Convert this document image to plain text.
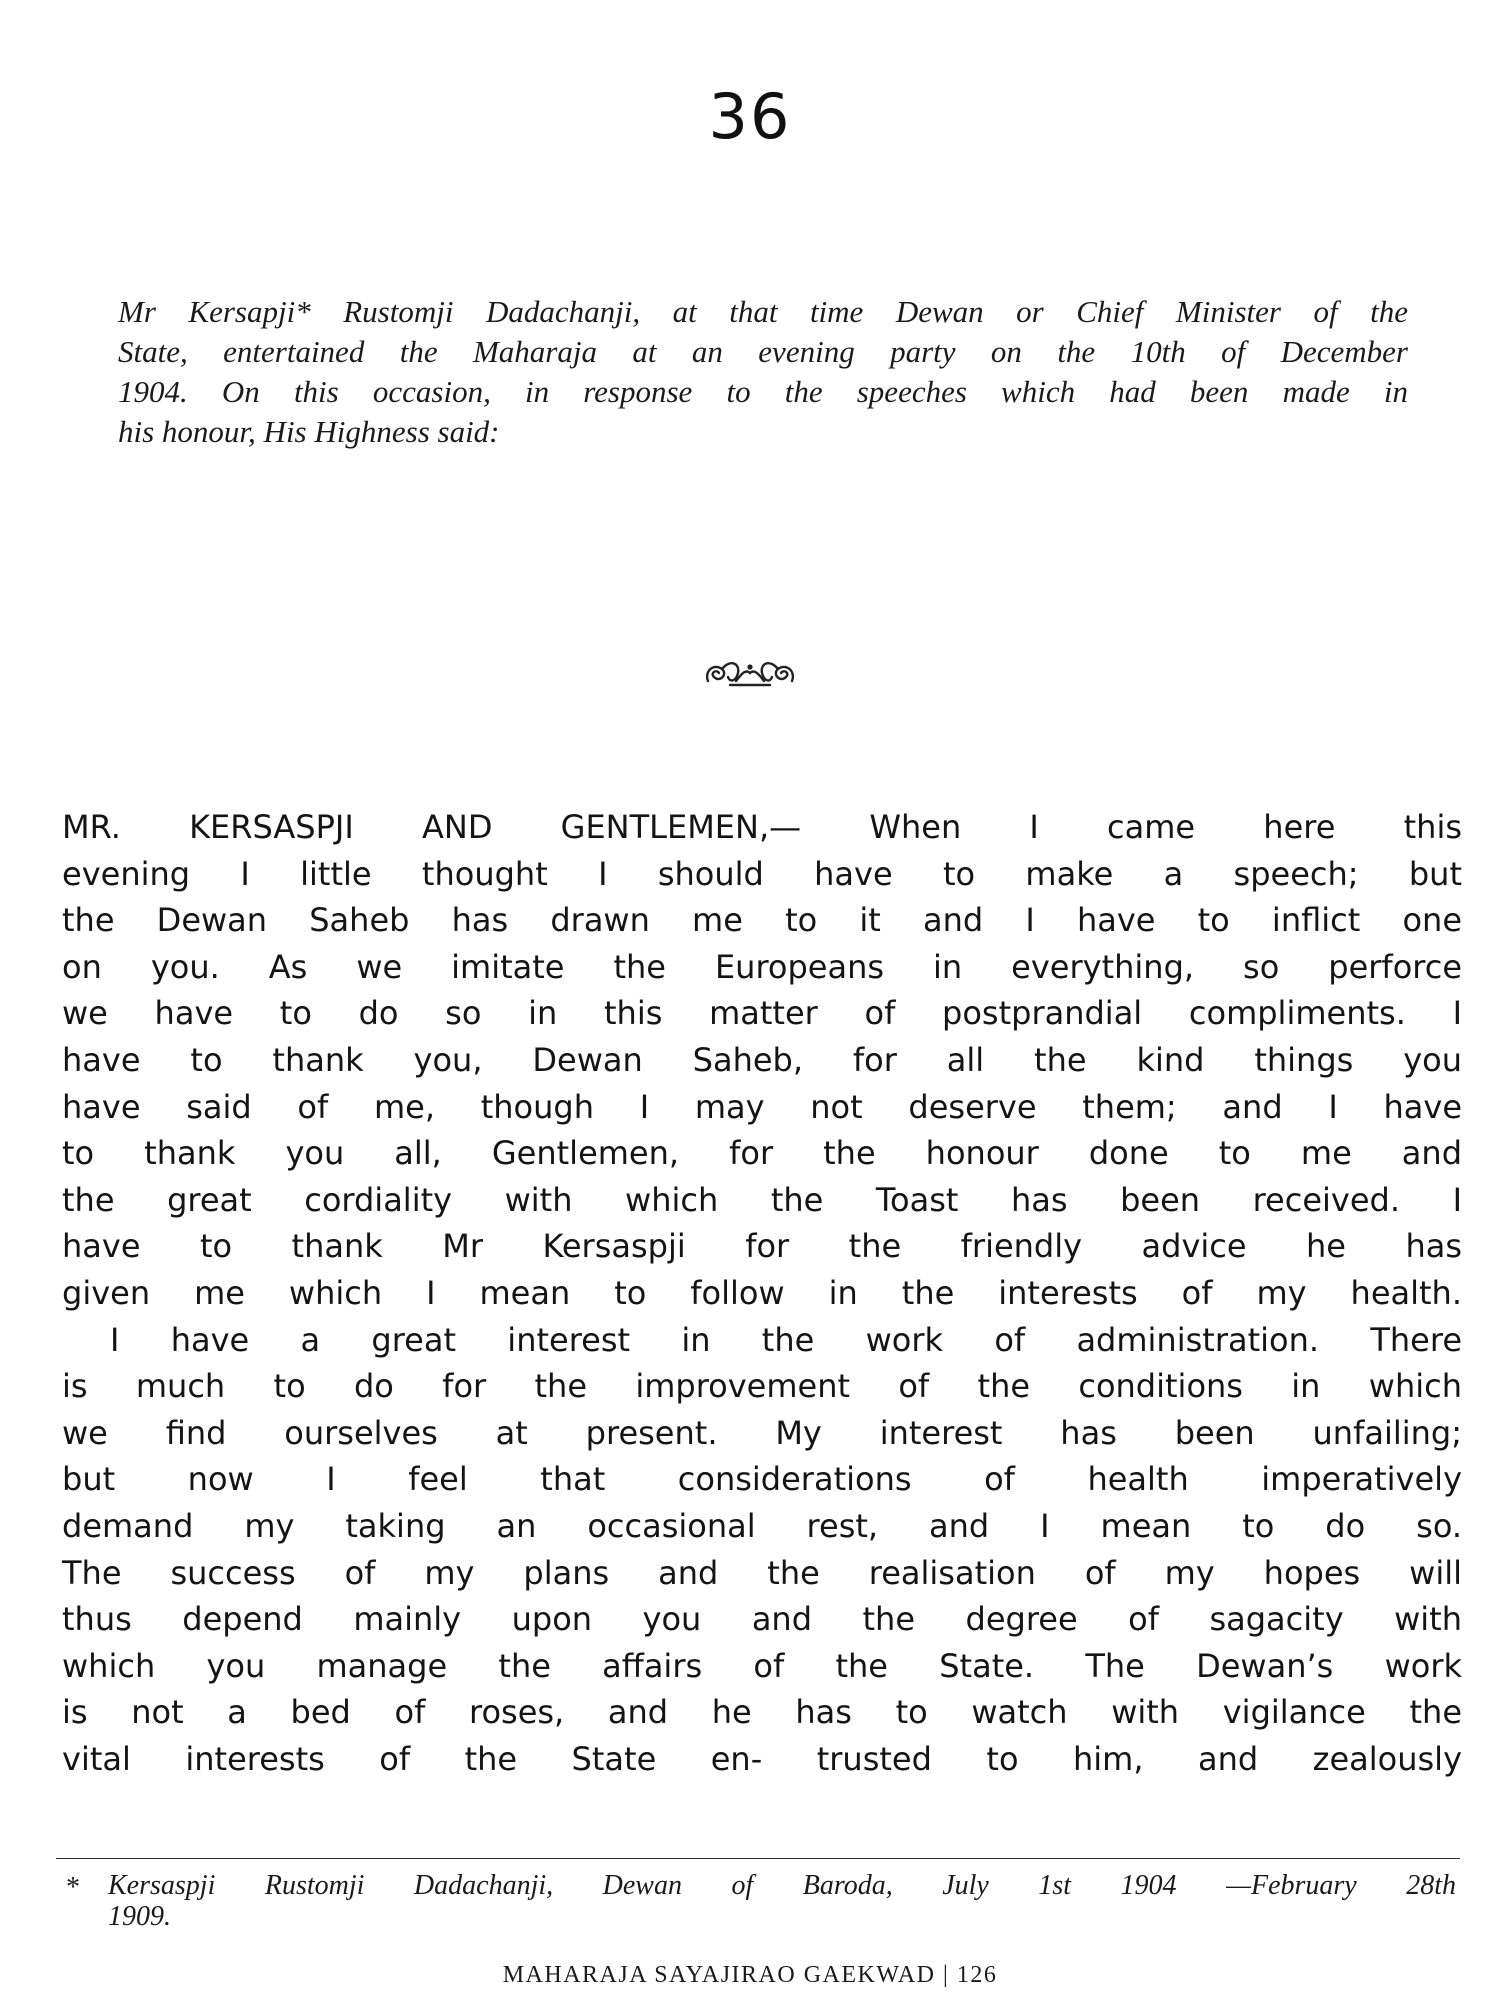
36
Mr Kersapji* Rustomji Dadachanji, at that time Dewan or Chief Minister of the
State, entertained the Maharaja at an evening party on the 10th of December
1904. On this occasion, in response to the speeches which had been made in
his honour, His Highness said:
MR. KERSASPJI AND GENTLEMEN,— When I came here this
evening I little thought I should have to make a speech; but
the Dewan Saheb has drawn me to it and I have to inflict one
on you. As we imitate the Europeans in everything, so perforce
we have to do so in this matter of postprandial compliments. I
have to thank you, Dewan Saheb, for all the kind things you
have said of me, though I may not deserve them; and I have
to thank you all, Gentlemen, for the honour done to me and
the great cordiality with which the Toast has been received. I
have to thank Mr Kersaspji for the friendly advice he has
given me which I mean to follow in the interests of my health.
I have a great interest in the work of administration. There
is much to do for the improvement of the conditions in which
we find ourselves at present. My interest has been unfailing;
but now I feel that considerations of health imperatively
demand my taking an occasional rest, and I mean to do so.
The success of my plans and the realisation of my hopes will
thus depend mainly upon you and the degree of sagacity with
which you manage the affairs of the State. The Dewan’s work
is not a bed of roses, and he has to watch with vigilance the
vital interests of the State en- trusted to him, and zealously
* Kersaspji Rustomji Dadachanji, Dewan of Baroda, July 1st 1904 —February 28th
1909.
MAHARAJA SAYAJIRAO GAEKWAD | 126
